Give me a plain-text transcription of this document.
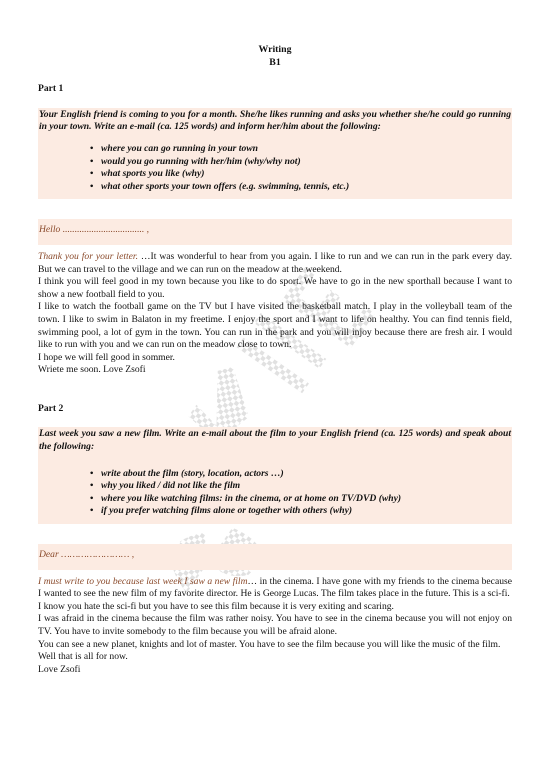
Writing
B1
Part 1
Your English friend is coming to you for a month. She/he likes running and asks you whether she/he could go running in your town. Write an e-mail (ca. 125 words) and inform her/him about the following:
• where you can go running in your town
• would you go running with her/him (why/why not)
• what sports you like (why)
• what other sports your town offers (e.g. swimming, tennis, etc.)
Hello .................................. ,

Thank you for your letter. …It was wonderful to hear from you again. I like to run and we can run in the park every day. But we can travel to the village and we can run on the meadow at the weekend.

I think you will feel good in my town because you like to do sport. We have to go in the new sporthall because I want to show a new football field to you.

I like to watch the football game on the TV but I have visited the basketball match. I play in the volleyball team of the town. I like to swim in Balaton in my freetime. I enjoy the sport and I want to life on healthy. You can find tennis field, swimming pool, a lot of gym in the town. You can run in the park and you will injoy because there are fresh air. I would like to run with you and we can run on the meadow close to town.

I hope we will fell good in sommer.

Wriete me soon. Love Zsofi

Part 2
Last week you saw a new film. Write an e-mail about the film to your English friend (ca. 125 words) and speak about the following:
• write about the film (story, location, actors …)
• why you liked / did not like the film
• where you like watching films: in the cinema, or at home on TV/DVD (why)
• if you prefer watching films alone or together with others (why)
Dear …………………… ,

I must write to you because last week I saw a new film… in the cinema. I have gone with my friends to the cinema because I wanted to see the new film of my favorite director. He is George Lucas. The film takes place in the future. This is a sci-fi.

I know you hate the sci-fi but you have to see this film because it is very exiting and scaring.

I was afraid in the cinema because the film was rather noisy. You have to see in the cinema because you will not enjoy on TV. You have to invite somebody to the film because you will be afraid alone.

You can see a new planet, knights and lot of master. You have to see the film because you will like the music of the film.

Well that is all for now.

Love Zsofi
